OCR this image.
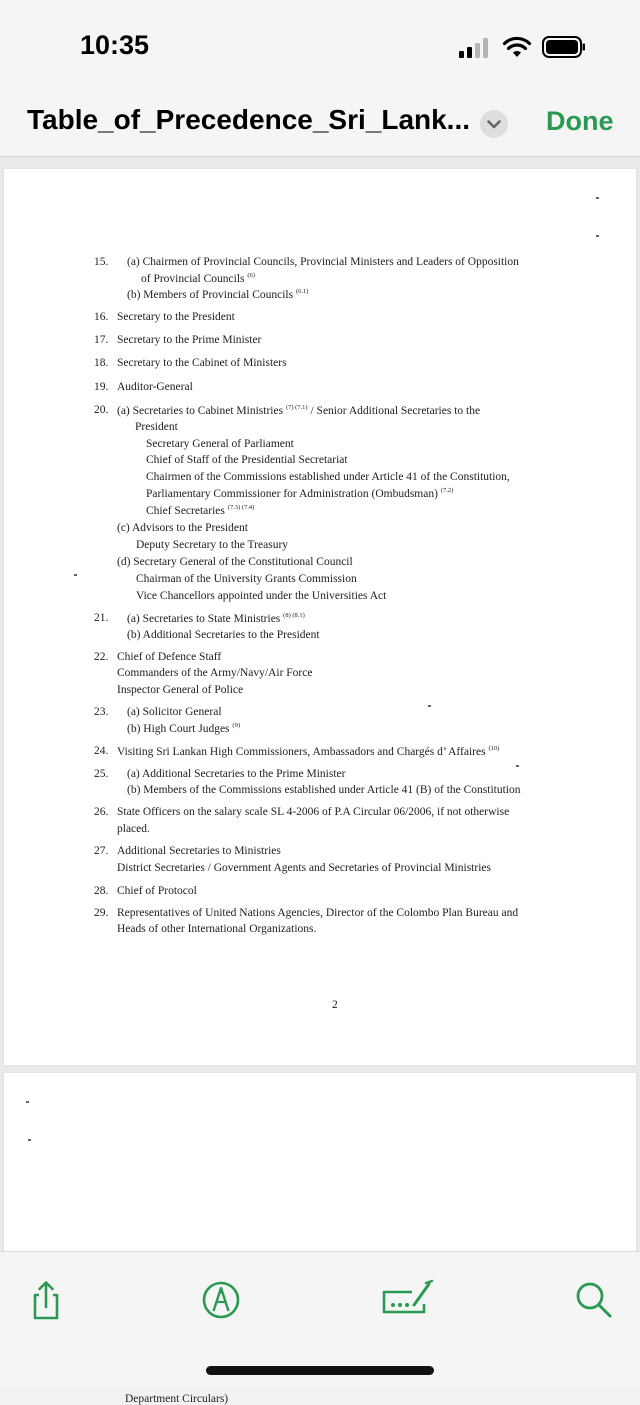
10:35
Table_of_Precedence_Sri_Lank...	Done
15. (a) Chairmen of Provincial Councils, Provincial Ministers and Leaders of Opposition
of Provincial Councils $^{(6)}$
(b) Members of Provincial Councils $^{(6.1)}$
16. Secretary to the President
17. Secretary to the Prime Minister
18. Secretary to the Cabinet of Ministers
19. Auditor-General
20. (a) Secretaries to Cabinet Ministries $^{(7) (7.1)}$ / Senior Additional Secretaries to the
President
Secretary General of Parliament
Chief of Staff of the Presidential Secretariat
Chairmen of the Commissions established under Article 41 of the Constitution,
Parliamentary Commissioner for Administration (Ombudsman) $^{(7.2)}$
Chief Secretaries $^{(7.3) (7.4)}$
(c) Advisors to the President
Deputy Secretary to the Treasury
(d) Secretary General of the Constitutional Council
Chairman of the University Grants Commission
Vice Chancellors appointed under the Universities Act
21. (a) Secretaries to State Ministries $^{(8) (8.1)}$
(b) Additional Secretaries to the President
22. Chief of Defence Staff
Commanders of the Army/Navy/Air Force
Inspector General of Police
23. (a) Solicitor General
(b) High Court Judges $^{(9)}$
24. Visiting Sri Lankan High Commissioners, Ambassadors and Chargés d’ Affaires $^{(10)}$
25. (a) Additional Secretaries to the Prime Minister
(b) Members of the Commissions established under Article 41 (B) of the Constitution
26. State Officers on the salary scale SL 4-2006 of P.A Circular 06/2006, if not otherwise
placed.
27. Additional Secretaries to Ministries
District Secretaries / Government Agents and Secretaries of Provincial Ministries
28. Chief of Protocol
29. Representatives of United Nations Agencies, Director of the Colombo Plan Bureau and
Heads of other International Organizations.
2
Department Circulars)
